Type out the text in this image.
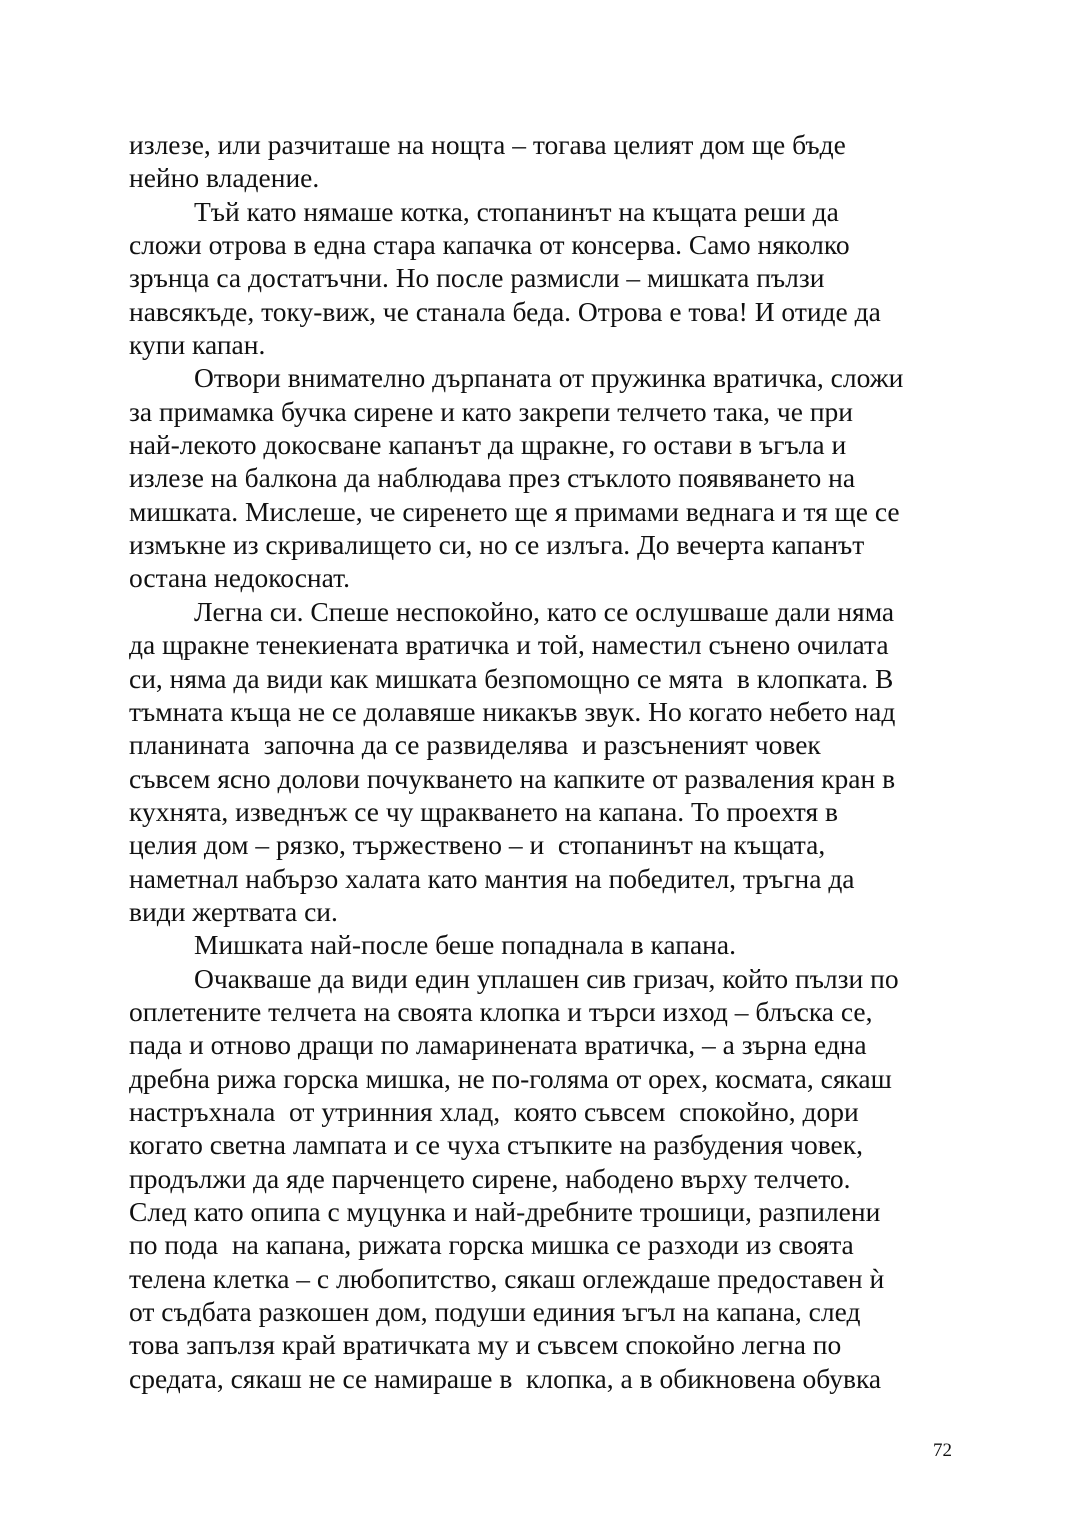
излезе, или разчиташе на нощта – тогава целият дом ще бъде
нейно владение.
Тъй като нямаше котка, стопанинът на къщата реши да
сложи отрова в една стара капачка от консерва. Само няколко
зрънца са достатъчни. Но после размисли – мишката пълзи
навсякъде, току-виж, че станала беда. Отрова е това! И отиде да
купи капан.
Отвори внимателно дърпаната от пружинка вратичка, сложи
за примамка бучка сирене и като закрепи телчето така, че при
най-лекото докосване капанът да щракне, го остави в ъгъла и
излезе на балкона да наблюдава през стъклото появяването на
мишката. Мислеше, че сиренето ще я примами веднага и тя ще се
измъкне из скривалището си, но се излъга. До вечерта капанът
остана недокоснат.
Легна си. Спеше неспокойно, като се ослушваше дали няма
да щракне тенекиената вратичка и той, наместил сънено очилата
си, няма да види как мишката безпомощно се мята  в клопката. В
тъмната къща не се долавяше никакъв звук. Но когато небето над
планината  започна да се развиделява  и разсъненият човек
съвсем ясно долови почукването на капките от разваления кран в
кухнята, изведнъж се чу щракването на капана. То проехтя в
целия дом – рязко, тържествено – и  стопанинът на къщата,
наметнал набързо халата като мантия на победител, тръгна да
види жертвата си.
Мишката най-после беше попаднала в капана.
Очакваше да види един уплашен сив гризач, който пълзи по
оплетените телчета на своята клопка и търси изход – блъска се,
пада и отново дращи по ламаринената вратичка, – а зърна една
дребна рижа горска мишка, не по-голяма от орех, космата, сякаш
настръхнала  от утринния хлад,  която съвсем  спокойно, дори
когато светна лампата и се чуха стъпките на разбудения човек,
продължи да яде парченцето сирене, набодено върху телчето.
След като опипа с муцунка и най-дребните трошици, разпилени
по пода  на капана, рижата горска мишка се разходи из своята
телена клетка – с любопитство, сякаш оглеждаше предоставен ѝ
от съдбата разкошен дом, подуши единия ъгъл на капана, след
това запълзя край вратичката му и съвсем спокойно легна по
средата, сякаш не се намираше в  клопка, а в обикновена обувка
72
